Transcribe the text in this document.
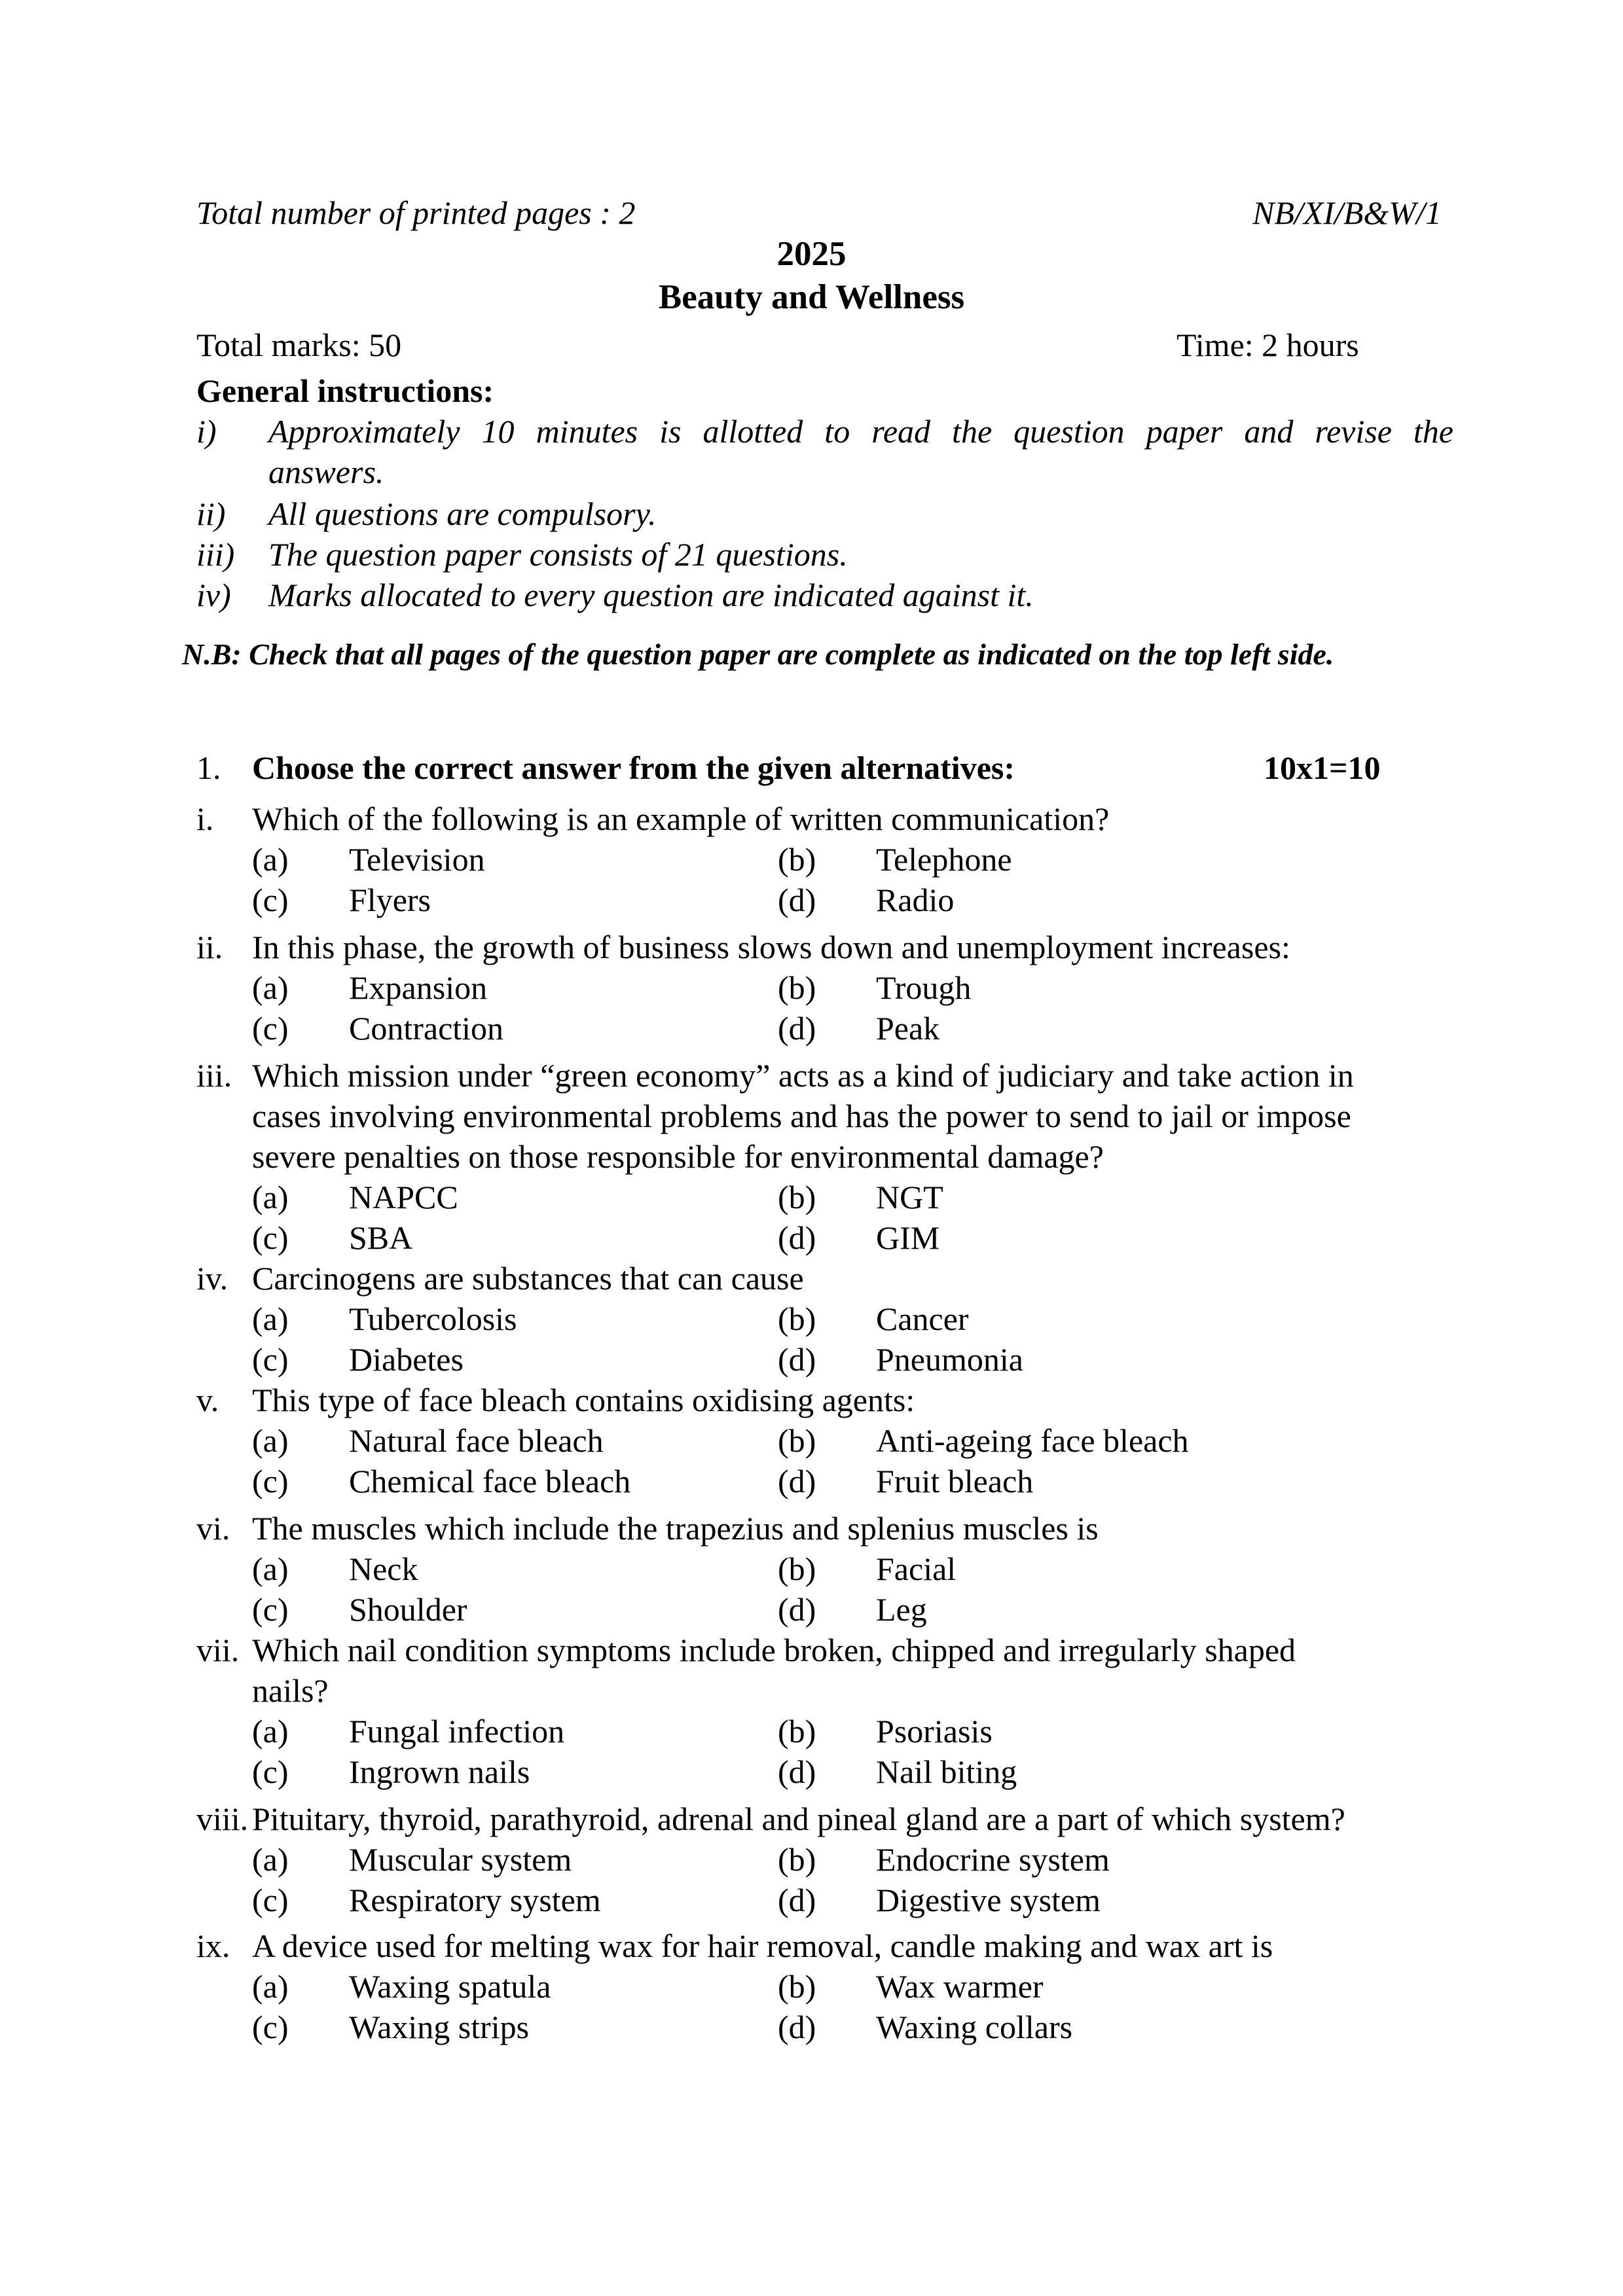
Total number of printed pages : 2	NB/XI/B&W/1
2025
Beauty and Wellness
Total marks: 50	Time: 2 hours
General instructions:
i) Approximately 10 minutes is allotted to read the question paper and revise the
answers.
ii) All questions are compulsory.
iii) The question paper consists of 21 questions.
iv) Marks allocated to every question are indicated against it.
N.B: Check that all pages of the question paper are complete as indicated on the top left side.
1. Choose the correct answer from the given alternatives:	10x1=10
i. Which of the following is an example of written communication?
(a) Television	(b) Telephone
(c) Flyers	(d) Radio
ii. In this phase, the growth of business slows down and unemployment increases:
(a) Expansion	(b) Trough
(c) Contraction	(d) Peak
iii. Which mission under “green economy” acts as a kind of judiciary and take action in
cases involving environmental problems and has the power to send to jail or impose
severe penalties on those responsible for environmental damage?
(a) NAPCC	(b) NGT
(c) SBA	(d) GIM
iv. Carcinogens are substances that can cause
(a) Tubercolosis	(b) Cancer
(c) Diabetes	(d) Pneumonia
v. This type of face bleach contains oxidising agents:
(a) Natural face bleach	(b) Anti-ageing face bleach
(c) Chemical face bleach	(d) Fruit bleach
vi. The muscles which include the trapezius and splenius muscles is
(a) Neck	(b) Facial
(c) Shoulder	(d) Leg
vii. Which nail condition symptoms include broken, chipped and irregularly shaped
nails?
(a) Fungal infection	(b) Psoriasis
(c) Ingrown nails	(d) Nail biting
viii. Pituitary, thyroid, parathyroid, adrenal and pineal gland are a part of which system?
(a) Muscular system	(b) Endocrine system
(c) Respiratory system	(d) Digestive system
ix. A device used for melting wax for hair removal, candle making and wax art is
(a) Waxing spatula	(b) Wax warmer
(c) Waxing strips	(d) Waxing collars
